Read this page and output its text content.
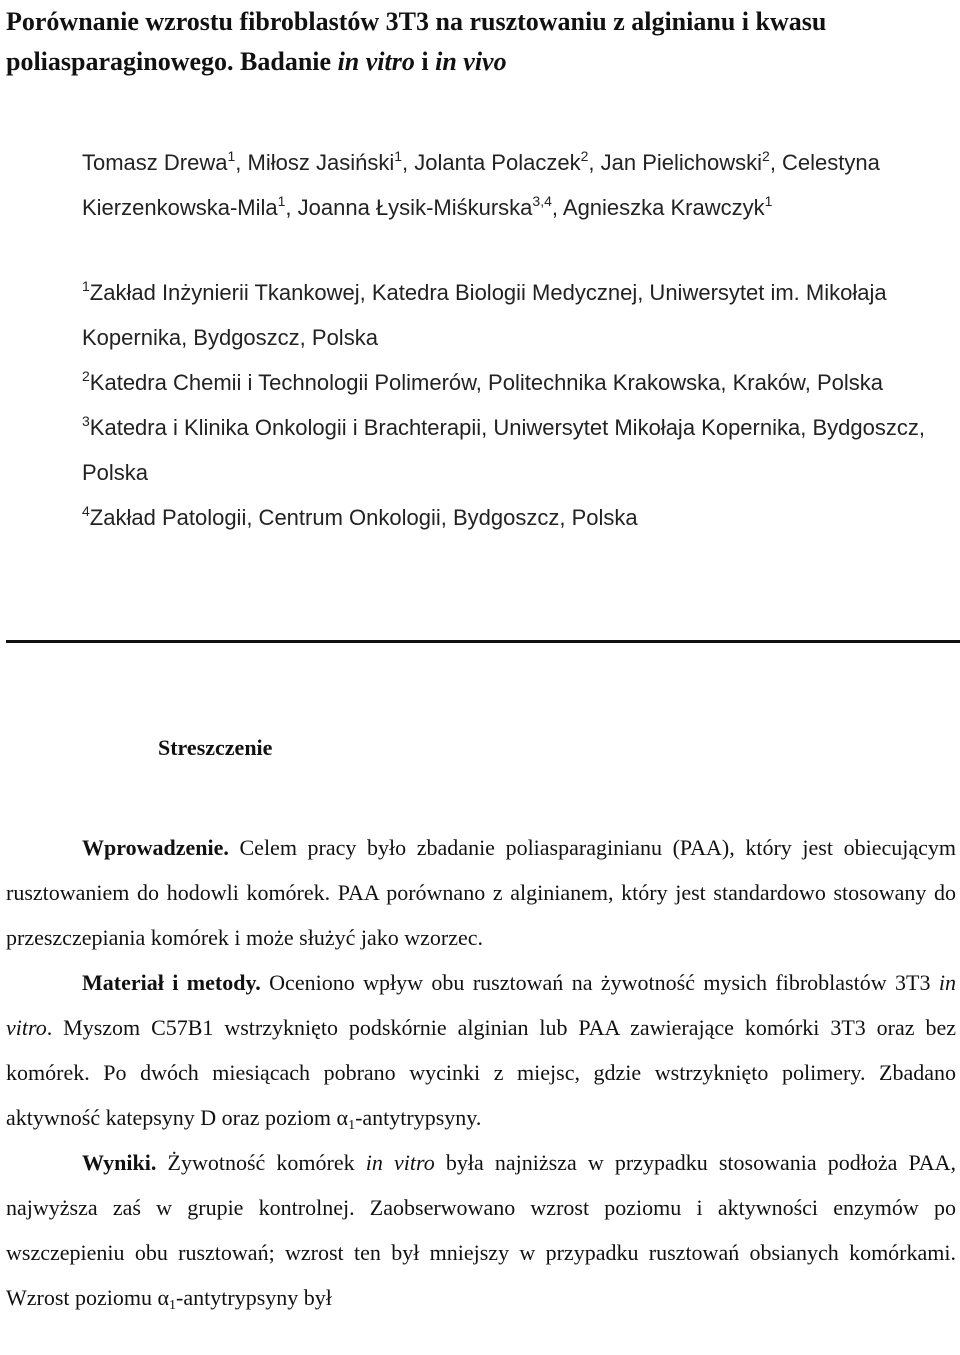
Porównanie wzrostu fibroblastów 3T3 na rusztowaniu z alginianu i kwasu poliasparaginowego. Badanie in vitro i in vivo

Tomasz Drewa$^1$, Miłosz Jasiński$^1$, Jolanta Polaczek$^2$, Jan Pielichowski$^2$, Celestyna Kierzenkowska-Mila$^1$, Joanna Łysik-Miśkurska$^{3,4}$, Agnieszka Krawczyk$^1$

$^1$Zakład Inżynierii Tkankowej, Katedra Biologii Medycznej, Uniwersytet im. Mikołaja Kopernika, Bydgoszcz, Polska

$^2$Katedra Chemii i Technologii Polimerów, Politechnika Krakowska, Kraków, Polska

$^3$Katedra i Klinika Onkologii i Brachterapii, Uniwersytet Mikołaja Kopernika, Bydgoszcz, Polska

$^4$Zakład Patologii, Centrum Onkologii, Bydgoszcz, Polska

Streszczenie

Wprowadzenie. Celem pracy było zbadanie poliasparaginianu (PAA), który jest obiecującym rusztowaniem do hodowli komórek. PAA porównano z alginianem, który jest standardowo stosowany do przeszczepiania komórek i może służyć jako wzorzec.

Materiał i metody. Oceniono wpływ obu rusztowań na żywotność mysich fibroblastów 3T3 in vitro. Myszom C57B1 wstrzyknięto podskórnie alginian lub PAA zawierające komórki 3T3 oraz bez komórek. Po dwóch miesiącach pobrano wycinki z miejsc, gdzie wstrzyknięto polimery. Zbadano aktywność katepsyny D oraz poziom $\alpha_1$-antytrypsyny.

Wyniki. Żywotność komórek in vitro była najniższa w przypadku stosowania podłoża PAA, najwyższa zaś w grupie kontrolnej. Zaobserwowano wzrost poziomu i aktywności enzymów po wszczepieniu obu rusztowań; wzrost ten był mniejszy w przypadku rusztowań obsianych komórkami. Wzrost poziomu $\alpha_1$-antytrypsyny był
